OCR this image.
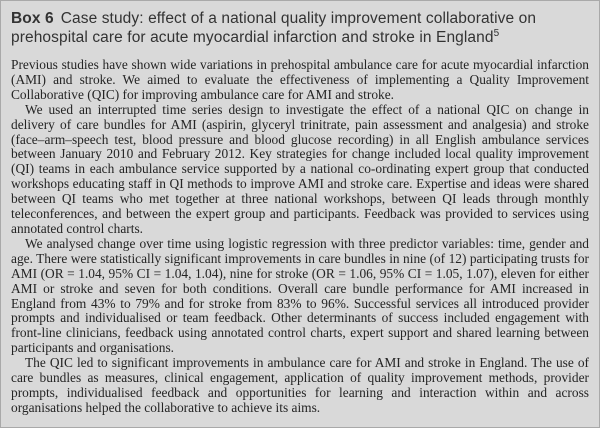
Box 6 Case study: effect of a national quality improvement collaborative on prehospital care for acute myocardial infarction and stroke in England$^5$

Previous studies have shown wide variations in prehospital ambulance care for acute myocardial infarction (AMI) and stroke. We aimed to evaluate the effectiveness of implementing a Quality Improvement Collaborative (QIC) for improving ambulance care for AMI and stroke.

We used an interrupted time series design to investigate the effect of a national QIC on change in delivery of care bundles for AMI (aspirin, glyceryl trinitrate, pain assessment and analgesia) and stroke (face–arm–speech test, blood pressure and blood glucose recording) in all English ambulance services between January 2010 and February 2012. Key strategies for change included local quality improvement (QI) teams in each ambulance service supported by a national co-ordinating expert group that conducted workshops educating staff in QI methods to improve AMI and stroke care. Expertise and ideas were shared between QI teams who met together at three national workshops, between QI leads through monthly teleconferences, and between the expert group and participants. Feedback was provided to services using annotated control charts.

We analysed change over time using logistic regression with three predictor variables: time, gender and age. There were statistically significant improvements in care bundles in nine (of 12) participating trusts for AMI (OR = 1.04, 95% CI = 1.04, 1.04), nine for stroke (OR = 1.06, 95% CI = 1.05, 1.07), eleven for either AMI or stroke and seven for both conditions. Overall care bundle performance for AMI increased in England from 43% to 79% and for stroke from 83% to 96%. Successful services all introduced provider prompts and individualised or team feedback. Other determinants of success included engagement with front-line clinicians, feedback using annotated control charts, expert support and shared learning between participants and organisations.

The QIC led to significant improvements in ambulance care for AMI and stroke in England. The use of care bundles as measures, clinical engagement, application of quality improvement methods, provider prompts, individualised feedback and opportunities for learning and interaction within and across organisations helped the collaborative to achieve its aims.
